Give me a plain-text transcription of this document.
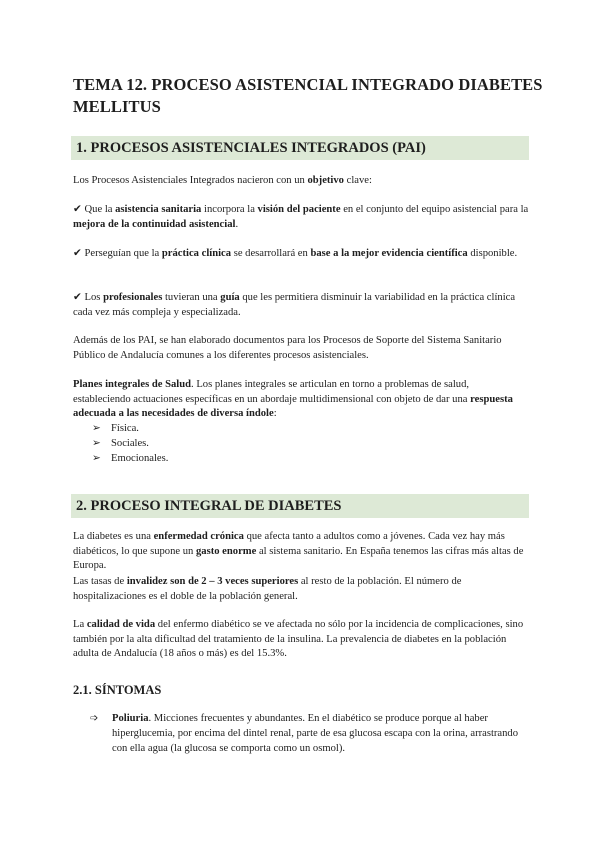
TEMA 12. PROCESO ASISTENCIAL INTEGRADO DIABETES MELLITUS
1. PROCESOS ASISTENCIALES INTEGRADOS (PAI)
Los Procesos Asistenciales Integrados nacieron con un objetivo clave:
✔ Que la asistencia sanitaria incorpora la visión del paciente en el conjunto del equipo asistencial para la mejora de la continuidad asistencial.
✔ Perseguían que la práctica clínica se desarrollará en base a la mejor evidencia científica disponible.
✔ Los profesionales tuvieran una guía que les permitiera disminuir la variabilidad en la práctica clínica cada vez más compleja y especializada.
Además de los PAI, se han elaborado documentos para los Procesos de Soporte del Sistema Sanitario Público de Andalucía comunes a los diferentes procesos asistenciales.
Planes integrales de Salud. Los planes integrales se articulan en torno a problemas de salud, estableciendo actuaciones específicas en un abordaje multidimensional con objeto de dar una respuesta adecuada a las necesidades de diversa índole:
➢ Física.
➢ Sociales.
➢ Emocionales.
2. PROCESO INTEGRAL DE DIABETES
La diabetes es una enfermedad crónica que afecta tanto a adultos como a jóvenes. Cada vez hay más diabéticos, lo que supone un gasto enorme al sistema sanitario. En España tenemos las cifras más altas de Europa.
Las tasas de invalidez son de 2 – 3 veces superiores al resto de la población. El número de hospitalizaciones es el doble de la población general.
La calidad de vida del enfermo diabético se ve afectada no sólo por la incidencia de complicaciones, sino también por la alta dificultad del tratamiento de la insulina. La prevalencia de diabetes en la población adulta de Andalucía (18 años o más) es del 15.3%.
2.1. SÍNTOMAS
➩ Poliuria. Micciones frecuentes y abundantes. En el diabético se produce porque al haber hiperglucemia, por encima del dintel renal, parte de esa glucosa escapa con la orina, arrastrando con ella agua (la glucosa se comporta como un osmol).
